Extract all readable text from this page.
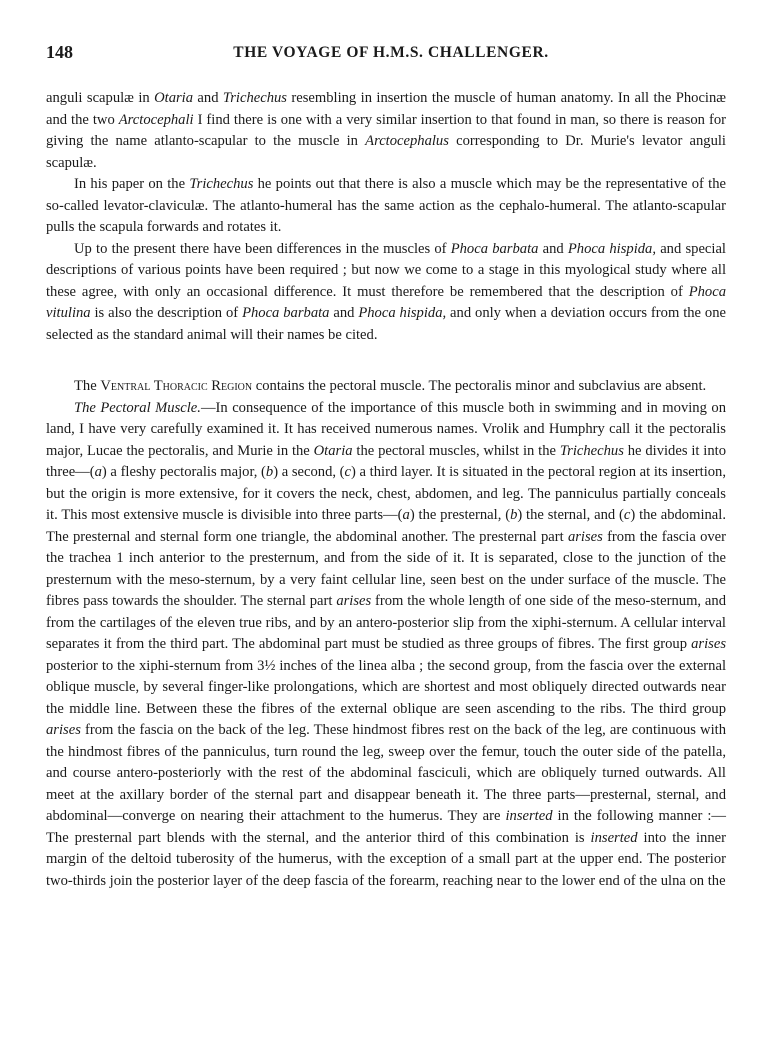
148	THE VOYAGE OF H.M.S. CHALLENGER.

anguli scapulæ in Otaria and Trichechus resembling in insertion the muscle of human anatomy. In all the Phocinæ and the two Arctocephali I find there is one with a very similar insertion to that found in man, so there is reason for giving the name atlanto-scapular to the muscle in Arctocephalus corresponding to Dr. Murie's levator anguli scapulæ.

In his paper on the Trichechus he points out that there is also a muscle which may be the representative of the so-called levator-claviculæ. The atlanto-humeral has the same action as the cephalo-humeral. The atlanto-scapular pulls the scapula forwards and rotates it.

Up to the present there have been differences in the muscles of Phoca barbata and Phoca hispida, and special descriptions of various points have been required ; but now we come to a stage in this myological study where all these agree, with only an occasional difference. It must therefore be remembered that the description of Phoca vitulina is also the description of Phoca barbata and Phoca hispida, and only when a deviation occurs from the one selected as the standard animal will their names be cited.

The Ventral Thoracic Region contains the pectoral muscle. The pectoralis minor and subclavius are absent.

The Pectoral Muscle.—In consequence of the importance of this muscle both in swimming and in moving on land, I have very carefully examined it. It has received numerous names. Vrolik and Humphry call it the pectoralis major, Lucae the pectoralis, and Murie in the Otaria the pectoral muscles, whilst in the Trichechus he divides it into three—(a) a fleshy pectoralis major, (b) a second, (c) a third layer. It is situated in the pectoral region at its insertion, but the origin is more extensive, for it covers the neck, chest, abdomen, and leg. The panniculus partially conceals it. This most extensive muscle is divisible into three parts—(a) the presternal, (b) the sternal, and (c) the abdominal. The presternal and sternal form one triangle, the abdominal another. The presternal part arises from the fascia over the trachea 1 inch anterior to the presternum, and from the side of it. It is separated, close to the junction of the presternum with the meso-sternum, by a very faint cellular line, seen best on the under surface of the muscle. The fibres pass towards the shoulder. The sternal part arises from the whole length of one side of the meso-sternum, and from the cartilages of the eleven true ribs, and by an antero-posterior slip from the xiphi-sternum. A cellular interval separates it from the third part. The abdominal part must be studied as three groups of fibres. The first group arises posterior to the xiphi-sternum from 3½ inches of the linea alba ; the second group, from the fascia over the external oblique muscle, by several finger-like prolongations, which are shortest and most obliquely directed outwards near the middle line. Between these the fibres of the external oblique are seen ascending to the ribs. The third group arises from the fascia on the back of the leg. These hindmost fibres rest on the back of the leg, are continuous with the hindmost fibres of the panniculus, turn round the leg, sweep over the femur, touch the outer side of the patella, and course antero-posteriorly with the rest of the abdominal fasciculi, which are obliquely turned outwards. All meet at the axillary border of the sternal part and disappear beneath it. The three parts—presternal, sternal, and abdominal—converge on nearing their attachment to the humerus. They are inserted in the following manner :—The presternal part blends with the sternal, and the anterior third of this combination is inserted into the inner margin of the deltoid tuberosity of the humerus, with the exception of a small part at the upper end. The posterior two-thirds join the posterior layer of the deep fascia of the forearm, reaching near to the lower end of the ulna on the
